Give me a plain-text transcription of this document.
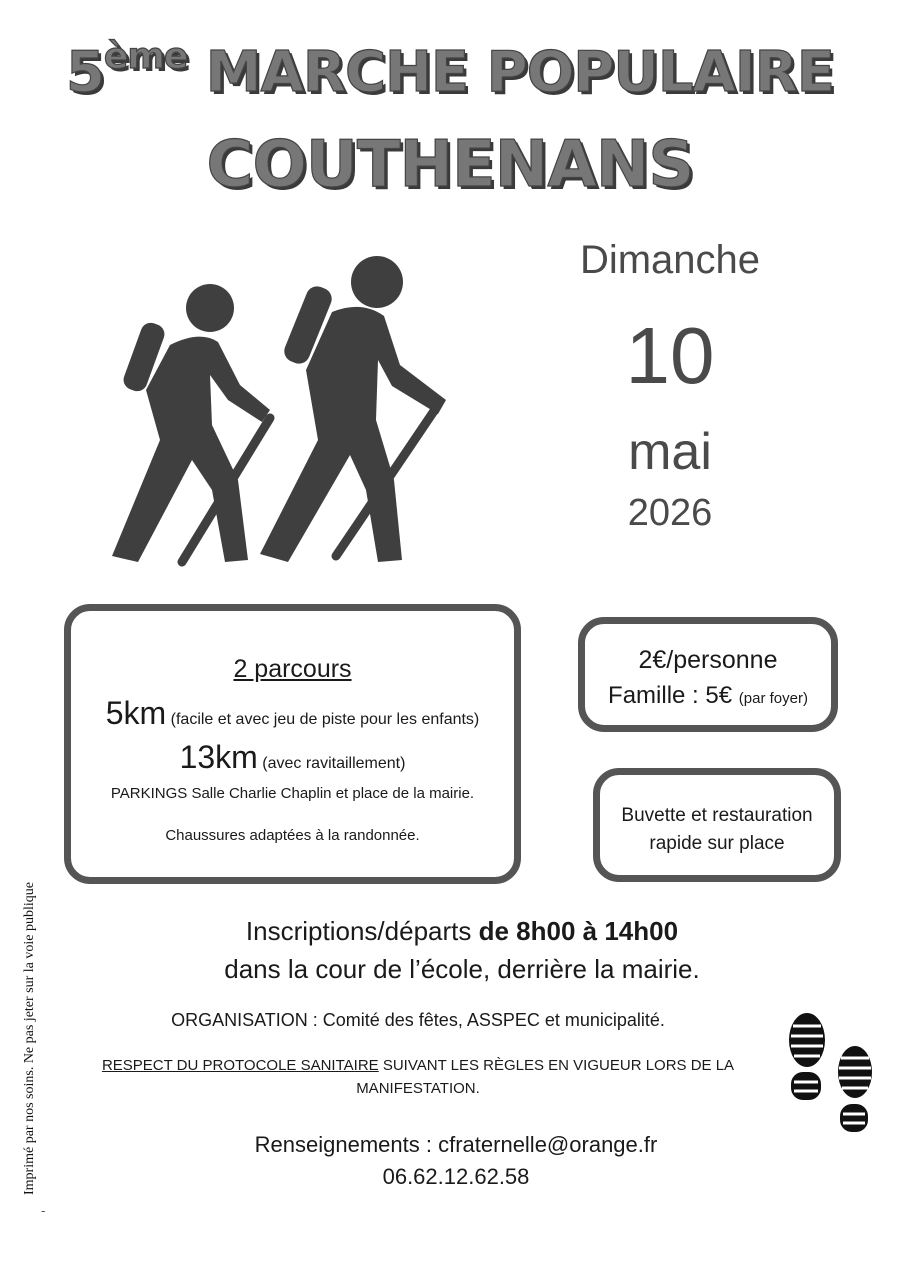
5ème MARCHE POPULAIRE
COUTHENANS
Dimanche
10
mai
2026
2 parcours
5km (facile et avec jeu de piste pour les enfants)
13km (avec ravitaillement)
PARKINGS Salle Charlie Chaplin et place de la mairie.
Chaussures adaptées à la randonnée.
2€/personne
Famille : 5€ (par foyer)
Buvette et restauration
rapide sur place
Inscriptions/départs de 8h00 à 14h00
dans la cour de l’école, derrière la mairie.
ORGANISATION : Comité des fêtes, ASSPEC et municipalité.
RESPECT DU PROTOCOLE SANITAIRE SUIVANT LES RÈGLES EN VIGUEUR LORS DE LA
MANIFESTATION.
Renseignements : cfraternelle@orange.fr
06.62.12.62.58
Imprimé par nos soins. Ne pas jeter sur la voie publique
-
